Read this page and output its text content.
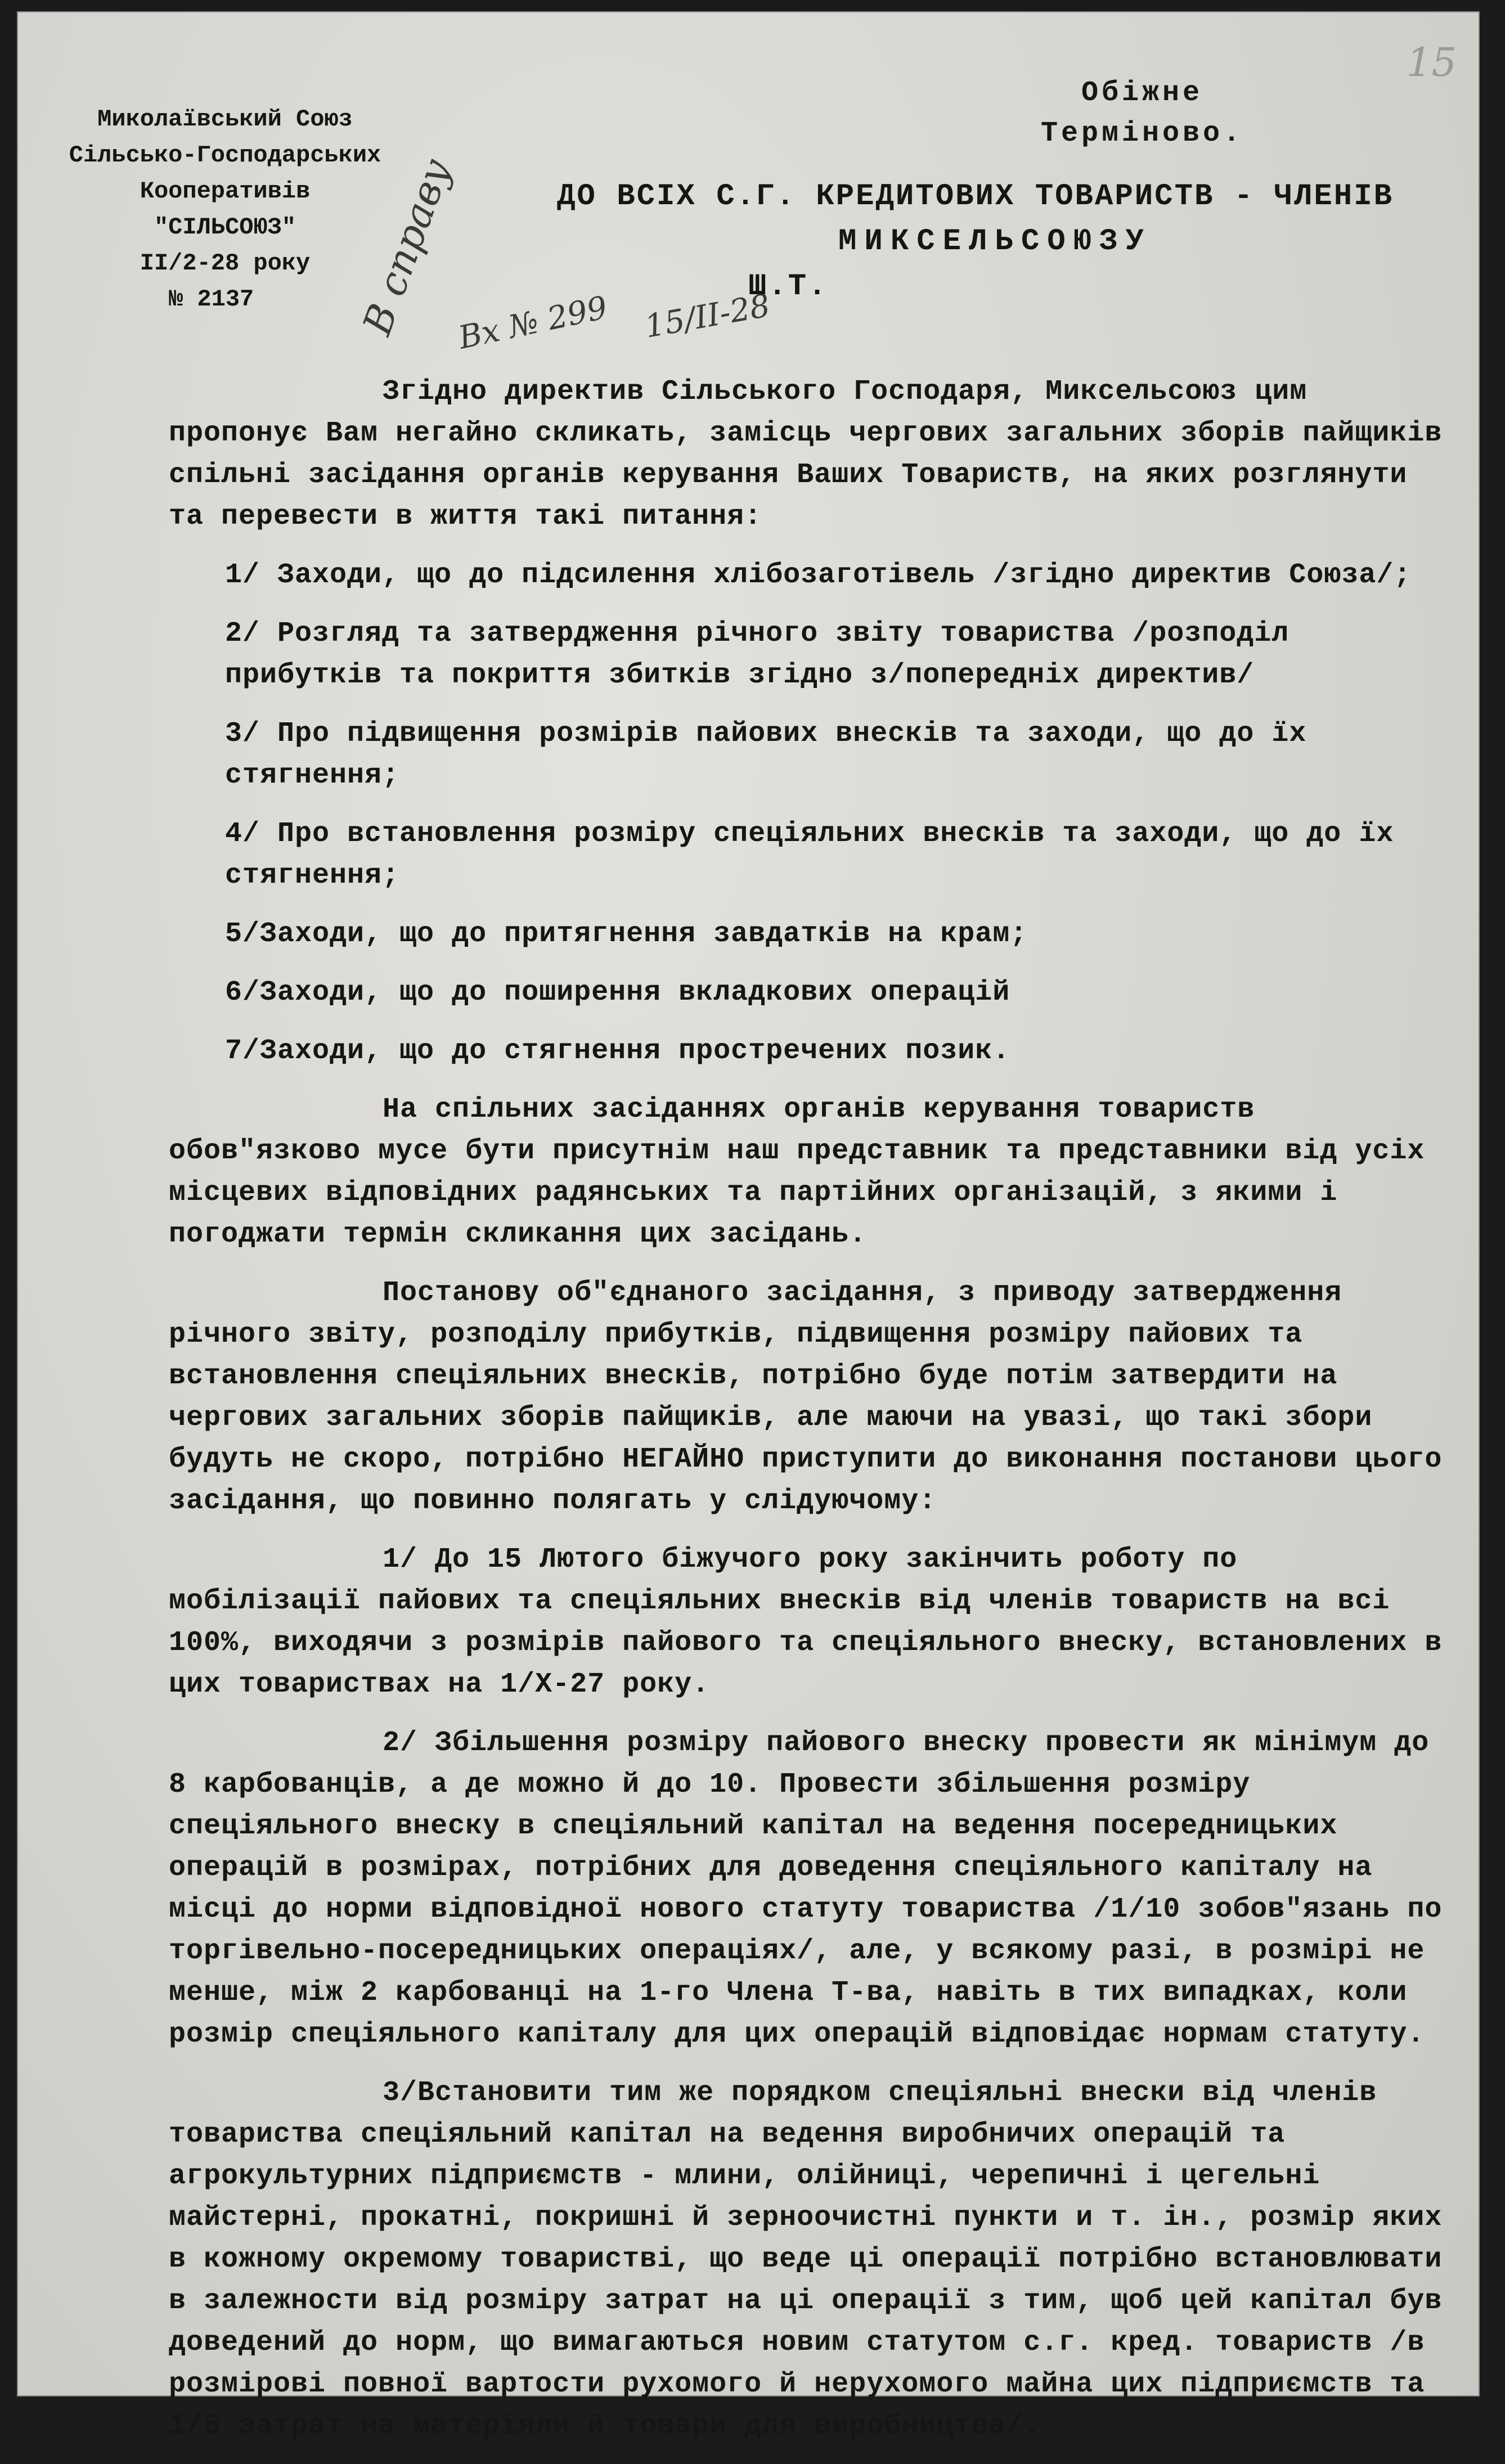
15
Миколаївський Союз
Сільсько-Господарських
Кооперативів
"СІЛЬСОЮЗ"
II/2-28 року
№ 2137
Обіжне
Терміново.
В справу
Вх № 299 15/ІІ-28
ДО ВСІХ С.Г. КРЕДИТОВИХ ТОВАРИСТВ - ЧЛЕНІВ
МИКСЕЛЬСОЮЗУ
Ш.Т.

Згідно директив Сільського Господаря, Миксельсоюз цим пропонує Вам негайно скликать, замісць чергових загальних зборів пайщиків спільні засідання органів керування Ваших Товариств, на яких розглянути та перевести в життя такі питання:

1/ Заходи, що до підсилення хлібозаготівель /згідно директив Союза/;

2/ Розгляд та затвердження річного звіту товариства /розподіл прибутків та покриття збитків згідно з/попередніх директив/

3/ Про підвищення розмірів пайових внесків та заходи, що до їх стягнення;

4/ Про встановлення розміру спеціяльних внесків та заходи, що до їх стягнення;

5/Заходи, що до притягнення завдатків на крам;

6/Заходи, що до поширення вкладкових операцій

7/Заходи, що до стягнення простречених позик.

На спільних засіданнях органів керування товариств обов"язково мусе бути присутнім наш представник та представники від усіх місцевих відповідних радянських та партійних організацій, з якими і погоджати термін скликання цих засідань.

Постанову об"єднаного засідання, з приводу затвердження річного звіту, розподілу прибутків, підвищення розміру пайових та встановлення спеціяльних внесків, потрібно буде потім затвердити на чергових загальних зборів пайщиків, але маючи на увазі, що такі збори будуть не скоро, потрібно НЕГАЙНО приступити до виконання постанови цього засідання, що повинно полягать у слідуючому:

1/ До 15 Лютого біжучого року закінчить роботу по мобілізації пайових та спеціяльних внесків від членів товариств на всі 100%, виходячи з розмірів пайового та спеціяльного внеску, встановлених в цих товариствах на 1/Х-27 року.

2/ Збільшення розміру пайового внеску провести як мінімум до 8 карбованців, а де можно й до 10. Провести збільшення розміру спеціяльного внеску в спеціяльний капітал на ведення посередницьких операцій в розмірах, потрібних для доведення спеціяльного капіталу на місці до норми відповідної нового статуту товариства /1/10 зобов"язань по торгівельно-посередницьких операціях/, але, у всякому разі, в розмірі не менше, між 2 карбованці на 1-го Члена Т-ва, навіть в тих випадках, коли розмір спеціяльного капіталу для цих операцій відповідає нормам статуту.

3/Встановити тим же порядком спеціяльні внески від членів товариства спеціяльний капітал на ведення виробничих операцій та агрокультурних підприємств - млини, олійниці, черепичні і цегельні майстерні, прокатні, покришні й зерноочистні пункти и т. ін., розмір яких в кожному окремому товаристві, що веде ці операції потрібно встановлювати в залежности від розміру затрат на ці операції з тим, щоб цей капітал був доведений до норм, що вимагаються новим статутом с.г. кред. товариств /в розмірові повної вартости рухомого й нерухомого майна цих підприємств та 1/5 затрат на матеріяли й товари для виробництва/.
